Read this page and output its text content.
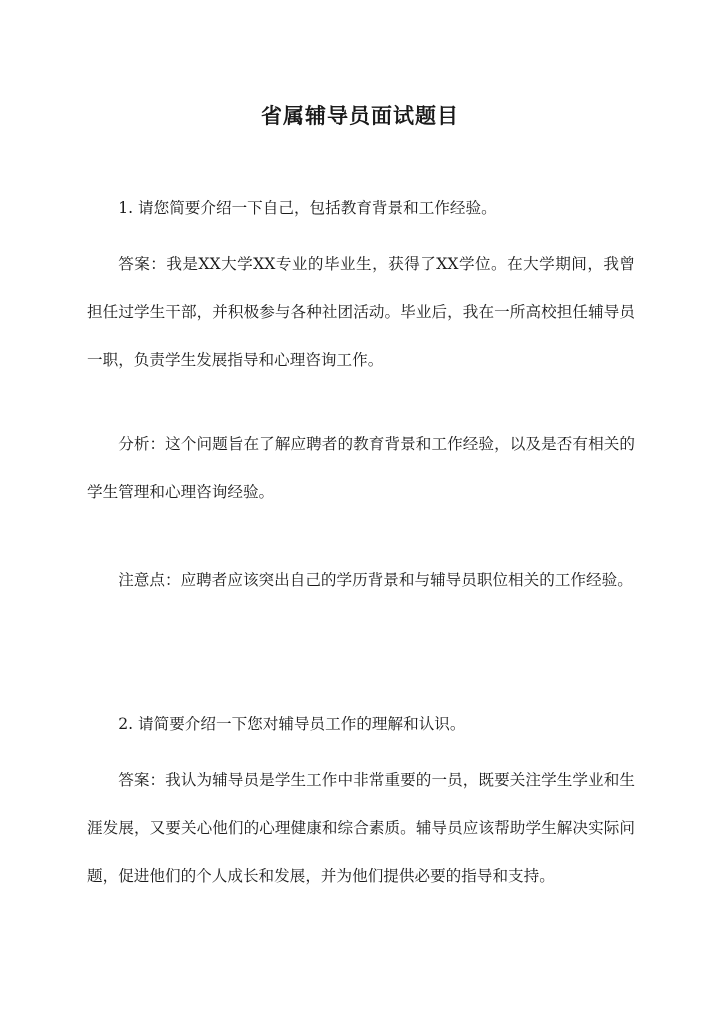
省属辅导员面试题目

1. 请您简要介绍一下自己，包括教育背景和工作经验。

答案：我是XX大学XX专业的毕业生，获得了XX学位。在大学期间，我曾担任过学生干部，并积极参与各种社团活动。毕业后，我在一所高校担任辅导员一职，负责学生发展指导和心理咨询工作。

分析：这个问题旨在了解应聘者的教育背景和工作经验，以及是否有相关的学生管理和心理咨询经验。

注意点：应聘者应该突出自己的学历背景和与辅导员职位相关的工作经验。

2. 请简要介绍一下您对辅导员工作的理解和认识。

答案：我认为辅导员是学生工作中非常重要的一员，既要关注学生学业和生涯发展，又要关心他们的心理健康和综合素质。辅导员应该帮助学生解决实际问题，促进他们的个人成长和发展，并为他们提供必要的指导和支持。
